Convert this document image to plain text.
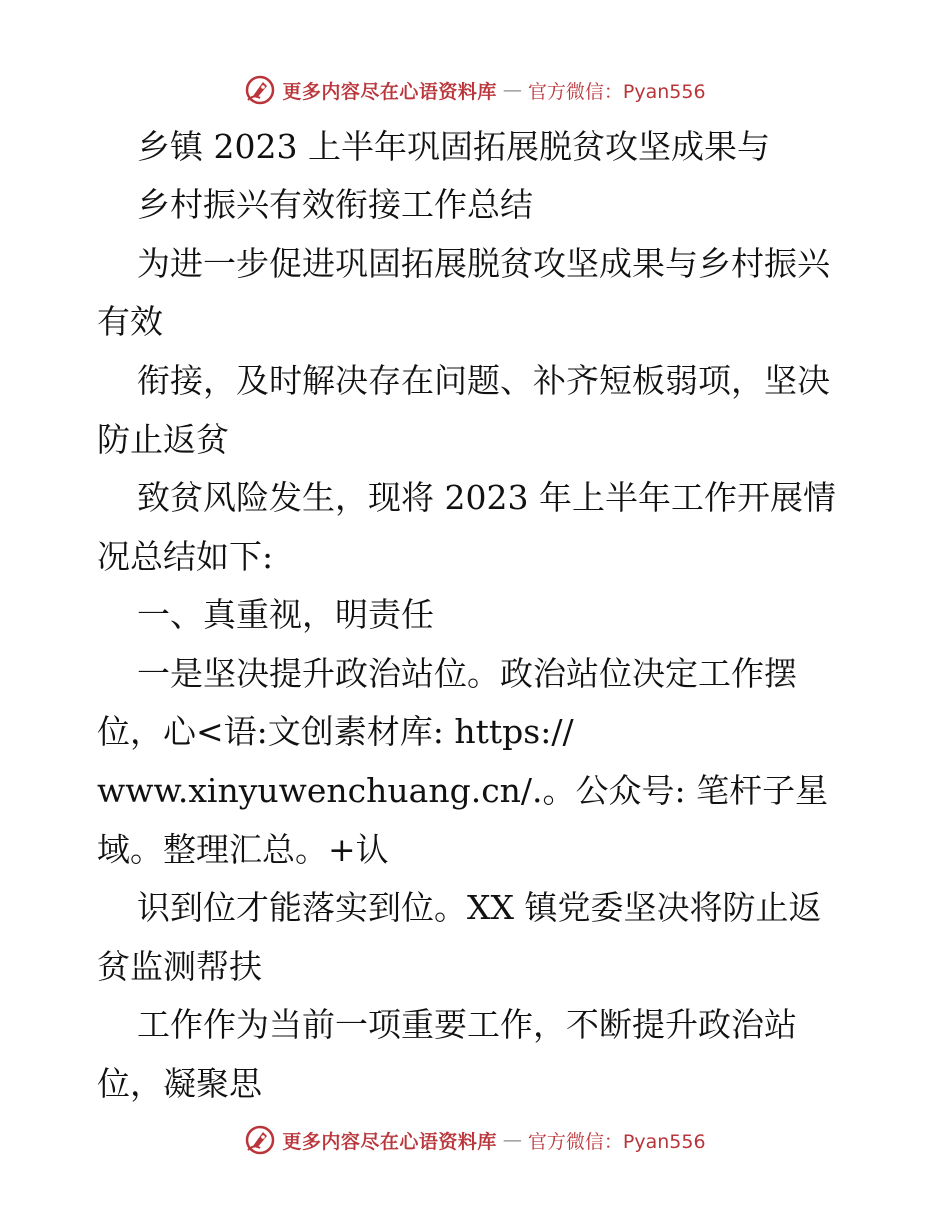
更多内容尽在心语资料库 — 官方微信：Pyan556
乡镇 2023 上半年巩固拓展脱贫攻坚成果与
乡村振兴有效衔接工作总结
为进一步促进巩固拓展脱贫攻坚成果与乡村振兴
有效
衔接，及时解决存在问题、补齐短板弱项，坚决
防止返贫
致贫风险发生，现将 2023 年上半年工作开展情
况总结如下:
一、真重视，明责任
一是坚决提升政治站位。政治站位决定工作摆
位，心<语:文创素材库: https://
www.xinyuwenchuang.cn/.。公众号: 笔杆子星
域。整理汇总。+认
识到位才能落实到位。XX 镇党委坚决将防止返
贫监测帮扶
工作作为当前一项重要工作，不断提升政治站
位，凝聚思
更多内容尽在心语资料库 — 官方微信：Pyan556
